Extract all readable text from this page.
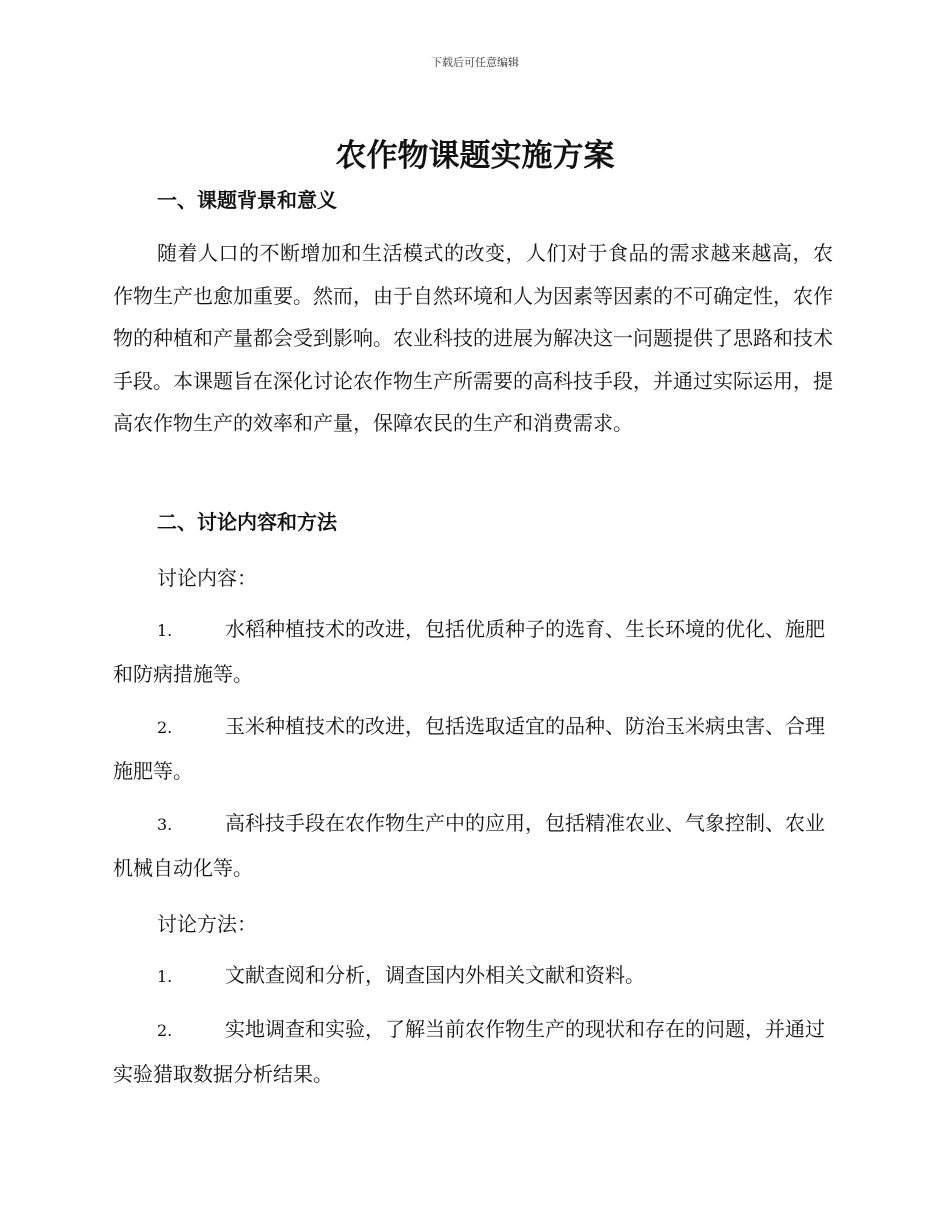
下载后可任意编辑
农作物课题实施方案
一、课题背景和意义
随着人口的不断增加和生活模式的改变，人们对于食品的需求越来越高，农作物生产也愈加重要。然而，由于自然环境和人为因素等因素的不可确定性，农作物的种植和产量都会受到影响。农业科技的进展为解决这一问题提供了思路和技术手段。本课题旨在深化讨论农作物生产所需要的高科技手段，并通过实际运用，提高农作物生产的效率和产量，保障农民的生产和消费需求。
二、讨论内容和方法
讨论内容：
1.	水稻种植技术的改进，包括优质种子的选育、生长环境的优化、施肥和防病措施等。
2.	玉米种植技术的改进，包括选取适宜的品种、防治玉米病虫害、合理施肥等。
3.	高科技手段在农作物生产中的应用，包括精准农业、气象控制、农业机械自动化等。
讨论方法：
1.	文献查阅和分析，调查国内外相关文献和资料。
2.	实地调查和实验，了解当前农作物生产的现状和存在的问题，并通过实验猎取数据分析结果。
